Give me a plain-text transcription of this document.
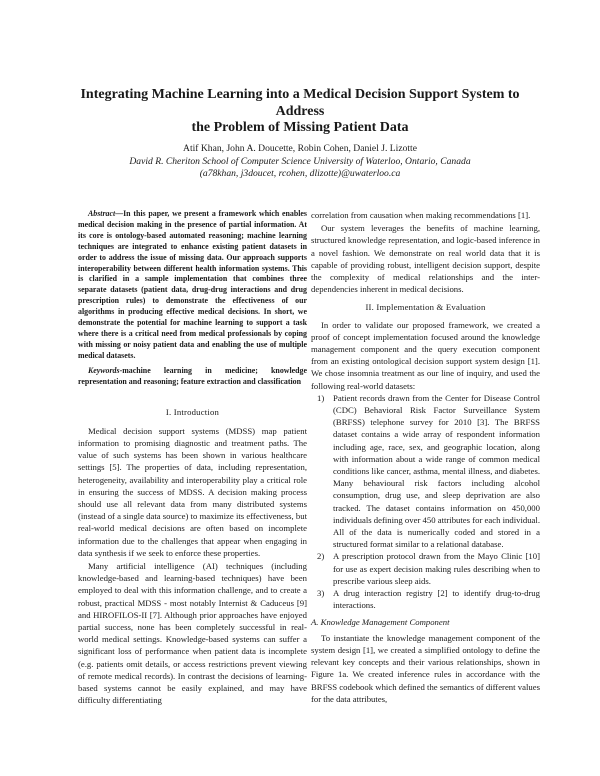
Integrating Machine Learning into a Medical Decision Support System to Address
the Problem of Missing Patient Data
Atif Khan, John A. Doucette, Robin Cohen, Daniel J. Lizotte
David R. Cheriton School of Computer Science University of Waterloo, Ontario, Canada
(a78khan, j3doucet, rcohen, dlizotte)@uwaterloo.ca

Abstract—In this paper, we present a framework which enables medical decision making in the presence of partial information. At its core is ontology-based automated reasoning; machine learning techniques are integrated to enhance existing patient datasets in order to address the issue of missing data. Our approach supports interoperability between different health information systems. This is clarified in a sample implementation that combines three separate datasets (patient data, drug-drug interactions and drug prescription rules) to demonstrate the effectiveness of our algorithms in producing effective medical decisions. In short, we demonstrate the potential for machine learning to support a task where there is a critical need from medical professionals by coping with missing or noisy patient data and enabling the use of multiple medical datasets.

Keywords-machine learning in medicine; knowledge representation and reasoning; feature extraction and classification

I. Introduction

Medical decision support systems (MDSS) map patient information to promising diagnostic and treatment paths. The value of such systems has been shown in various healthcare settings [5]. The properties of data, including representation, heterogeneity, availability and interoperability play a critical role in ensuring the success of MDSS. A decision making process should use all relevant data from many distributed systems (instead of a single data source) to maximize its effectiveness, but real-world medical decisions are often based on incomplete information due to the challenges that appear when engaging in data synthesis if we seek to enforce these properties.

Many artificial intelligence (AI) techniques (including knowledge-based and learning-based techniques) have been employed to deal with this information challenge, and to create a robust, practical MDSS - most notably Internist & Caduceus [9] and HIROFILOS-II [7]. Although prior approaches have enjoyed partial success, none has been completely successful in real-world medical settings. Knowledge-based systems can suffer a significant loss of performance when patient data is incomplete (e.g. patients omit details, or access restrictions prevent viewing of remote medical records). In contrast the decisions of learning-based systems cannot be easily explained, and may have difficulty differentiating

correlation from causation when making recommendations [1].

Our system leverages the benefits of machine learning, structured knowledge representation, and logic-based inference in a novel fashion. We demonstrate on real world data that it is capable of providing robust, intelligent decision support, despite the complexity of medical relationships and the inter-dependencies inherent in medical decisions.

II. Implementation & Evaluation

In order to validate our proposed framework, we created a proof of concept implementation focused around the knowledge management component and the query execution component from an existing ontological decision support system design [1]. We chose insomnia treatment as our line of inquiry, and used the following real-world datasets:

1) Patient records drawn from the Center for Disease Control (CDC) Behavioral Risk Factor Surveillance System (BRFSS) telephone survey for 2010 [3]. The BRFSS dataset contains a wide array of respondent information including age, race, sex, and geographic location, along with information about a wide range of common medical conditions like cancer, asthma, mental illness, and diabetes. Many behavioural risk factors including alcohol consumption, drug use, and sleep deprivation are also tracked. The dataset contains information on 450,000 individuals defining over 450 attributes for each individual. All of the data is numerically coded and stored in a structured format similar to a relational database.
2) A prescription protocol drawn from the Mayo Clinic [10] for use as expert decision making rules describing when to prescribe various sleep aids.
3) A drug interaction registry [2] to identify drug-to-drug interactions.
A. Knowledge Management Component

To instantiate the knowledge management component of the system design [1], we created a simplified ontology to define the relevant key concepts and their various relationships, shown in Figure 1a. We created inference rules in accordance with the BRFSS codebook which defined the semantics of different values for the data attributes,
